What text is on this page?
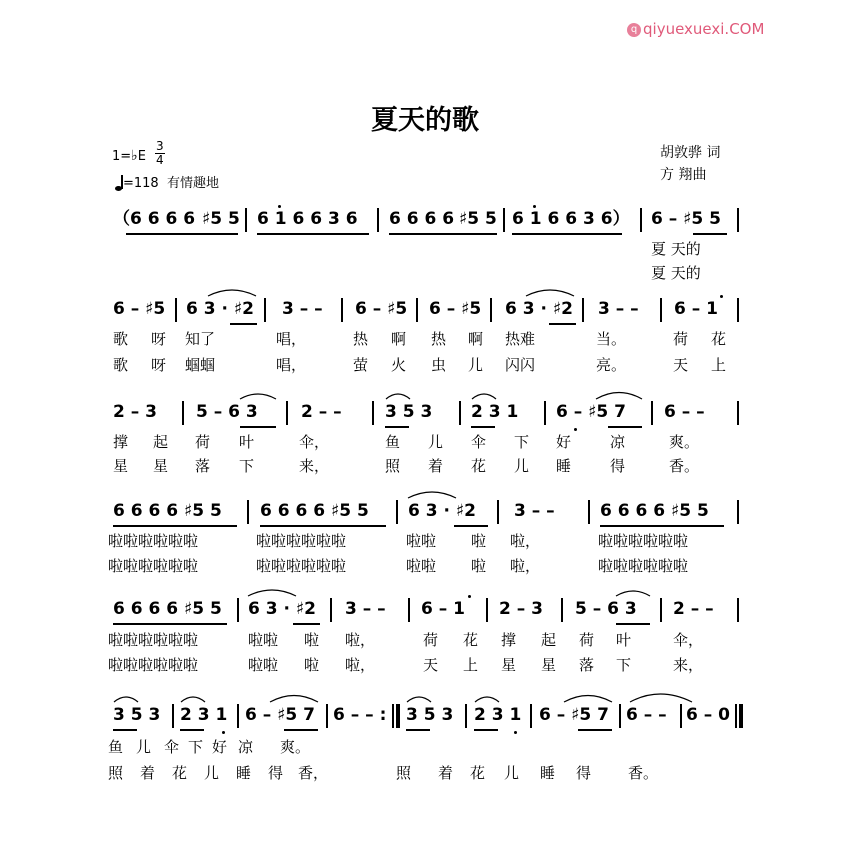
q qiyuexuexi.COM
夏天的歌
1=♭E
3
4
=118 有情趣地
胡敦骅 词
方 翔曲
（6 6 6 6 ♯5 5 6 1 6 6 3 6 6 6 6 6 ♯5 5 6 1 6 6 3 6） 6 – ♯5 5
夏 天的
夏 天的
6 – ♯5 6 3 · ♯2 3 – – 6 – ♯5 6 – ♯5 6 3 · ♯2 3 – – 6 – 1
歌 呀 知了	唱，	热 啊 热 啊 热难	当。	荷 花
歌 呀 蝈蝈	唱，	萤 火 虫 儿 闪闪	亮。	天 上
2 – 3 5 – 6 3	2 – –	3 5 3 2 3 1 6 – ♯5 7 6 – –
撑 起 荷 叶	伞，	鱼 儿 伞 下 好	凉	爽。
星 星 落 下	来，	照 着 花 儿 睡	得	香。
6 6 6 6 ♯5 5 6 6 6 6 ♯5 5 6 3 · ♯2 3 – –	6 6 6 6 ♯5 5
啦啦啦啦啦啦	啦啦啦啦啦啦	啦啦 啦 啦，	啦啦啦啦啦啦
啦啦啦啦啦啦	啦啦啦啦啦啦	啦啦 啦 啦，	啦啦啦啦啦啦
6 6 6 6 ♯5 5 6 3 · ♯2 3 – – 6 – 1 2 – 3 5 – 6 3 2 – –
啦啦啦啦啦啦	啦啦 啦 啦，	荷 花 撑 起 荷 叶	伞，
啦啦啦啦啦啦	啦啦 啦 啦，	天 上 星 星 落 下	来，
3 5 3 2 3 1 6 – ♯5 7 6 – – : 3 5 3 2 3 1 6 – ♯5 7 6 – – 6 – 0
鱼 儿 伞 下 好 凉 爽。
照 着 花 儿 睡 得 香，	照 着 花 儿 睡 得 香。
